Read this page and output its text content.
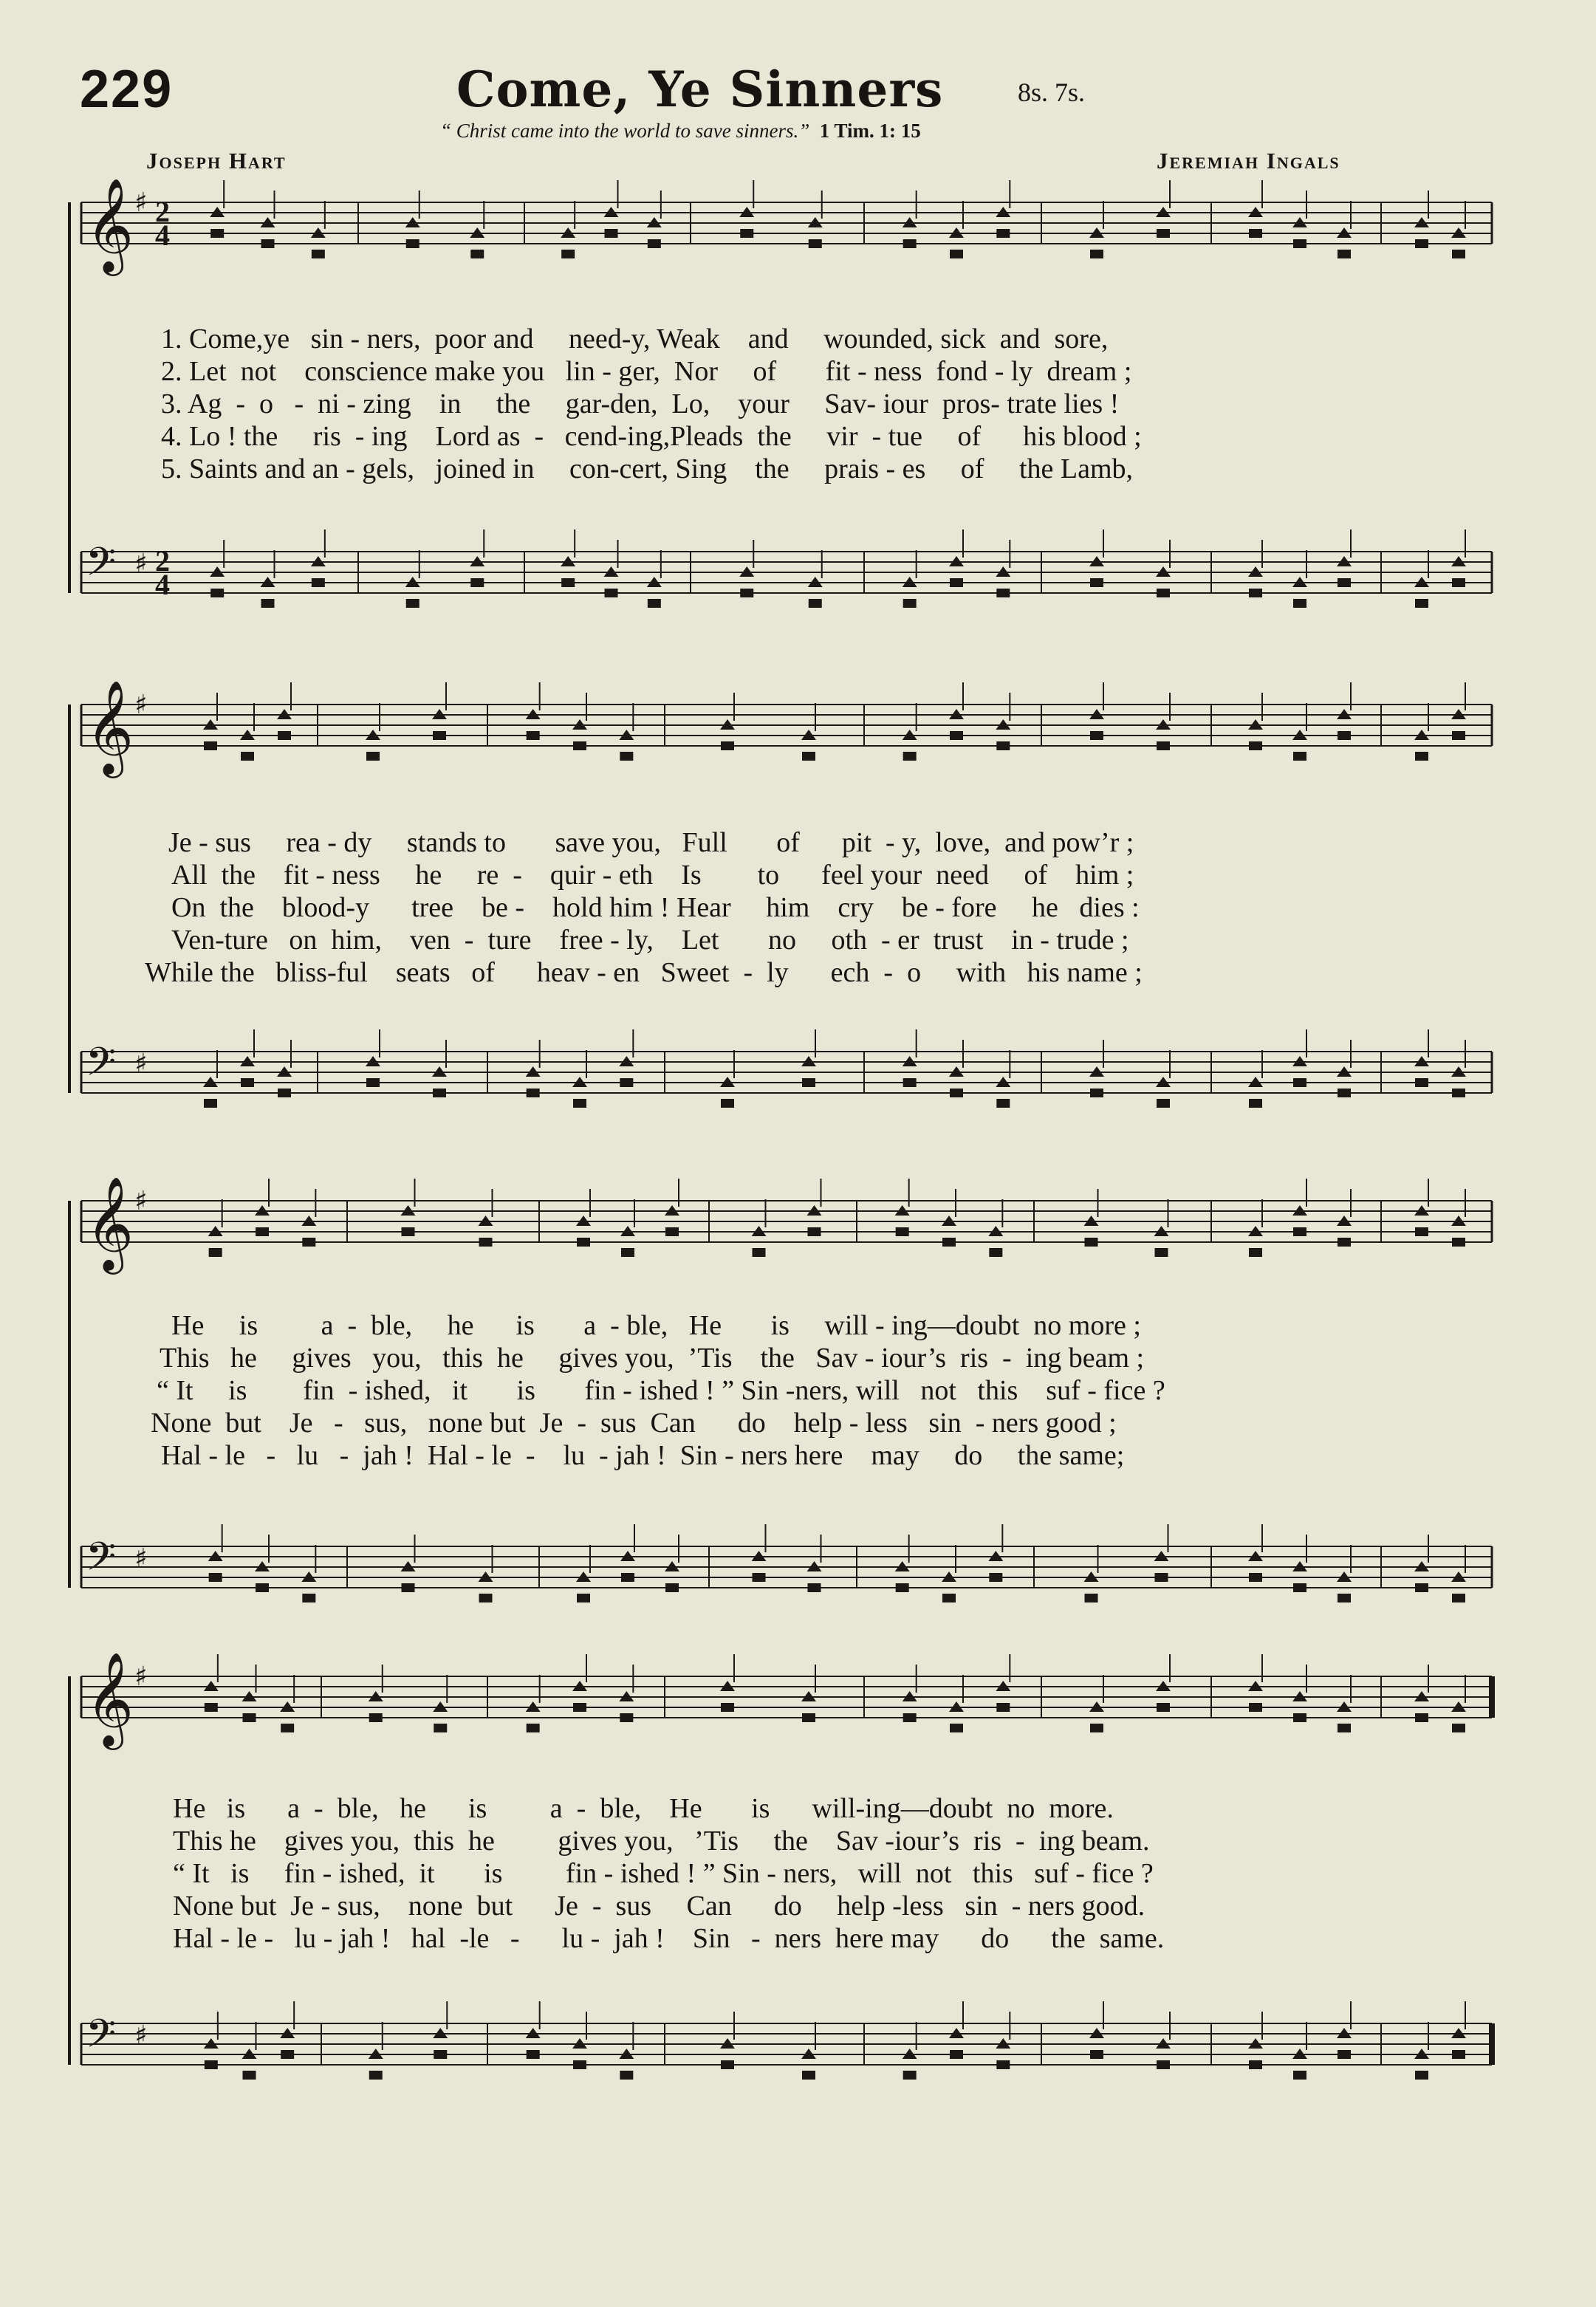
229	Come, Ye Sinners	8s. 7s.
“ Christ came into the world to save sinners.” 1 Tim. 1: 15
Joseph Hart	Jeremiah Ingals
𝄞 ♯ 2
4
𝄢 ♯ 2
4
𝄞 ♯
𝄢 ♯
𝄞 ♯
𝄢 ♯
𝄞 ♯
𝄢 ♯
1. Come,ye   sin - ners,  poor and     need-y, Weak    and     wounded, sick  and  sore,
2. Let  not    conscience make you   lin - ger,  Nor     of       fit - ness  fond - ly  dream ;
3. Ag  -  o   -  ni - zing    in     the     gar-den,  Lo,    your     Sav- iour  pros- trate lies !
4. Lo ! the     ris  - ing    Lord as  -   cend-ing,Pleads  the     vir  - tue     of      his blood ;
5. Saints and an - gels,   joined in     con-cert, Sing    the     prais - es     of     the Lamb,
Je - sus     rea - dy     stands to       save you,   Full       of      pit  - y,  love,  and pow’r ;
All  the    fit - ness     he     re  -    quir - eth    Is        to      feel your  need     of    him ;
On  the    blood-y      tree    be -    hold him ! Hear     him    cry    be - fore     he   dies :
Ven-ture   on  him,    ven  -  ture    free - ly,    Let       no     oth  - er  trust    in - trude ;
While the   bliss-ful    seats   of      heav - en   Sweet  -  ly      ech  -  o     with   his name ;
He     is         a  -  ble,     he      is       a  - ble,   He       is     will - ing—doubt  no more ;
This   he     gives   you,   this  he     gives you,  ’Tis    the   Sav - iour’s  ris  -  ing beam ;
“ It     is        fin  - ished,   it       is       fin - ished ! ” Sin -ners, will   not   this    suf - fice ?
None  but    Je   -   sus,   none but  Je  -  sus  Can      do    help - less   sin  - ners good ;
Hal - le   -   lu   -  jah !  Hal - le  -    lu  - jah !  Sin - ners here    may     do     the same;
He   is      a  -  ble,   he      is         a  -  ble,    He       is      will-ing—doubt  no  more.
This he    gives you,  this  he         gives you,   ’Tis     the    Sav -iour’s  ris  -  ing beam.
“ It   is     fin - ished,  it       is         fin - ished ! ” Sin - ners,   will  not   this   suf - fice ?
None but  Je - sus,    none  but      Je  -  sus     Can      do     help -less   sin  - ners good.
Hal - le -   lu - jah !   hal  -le   -      lu -  jah !    Sin   -  ners  here may      do      the  same.
